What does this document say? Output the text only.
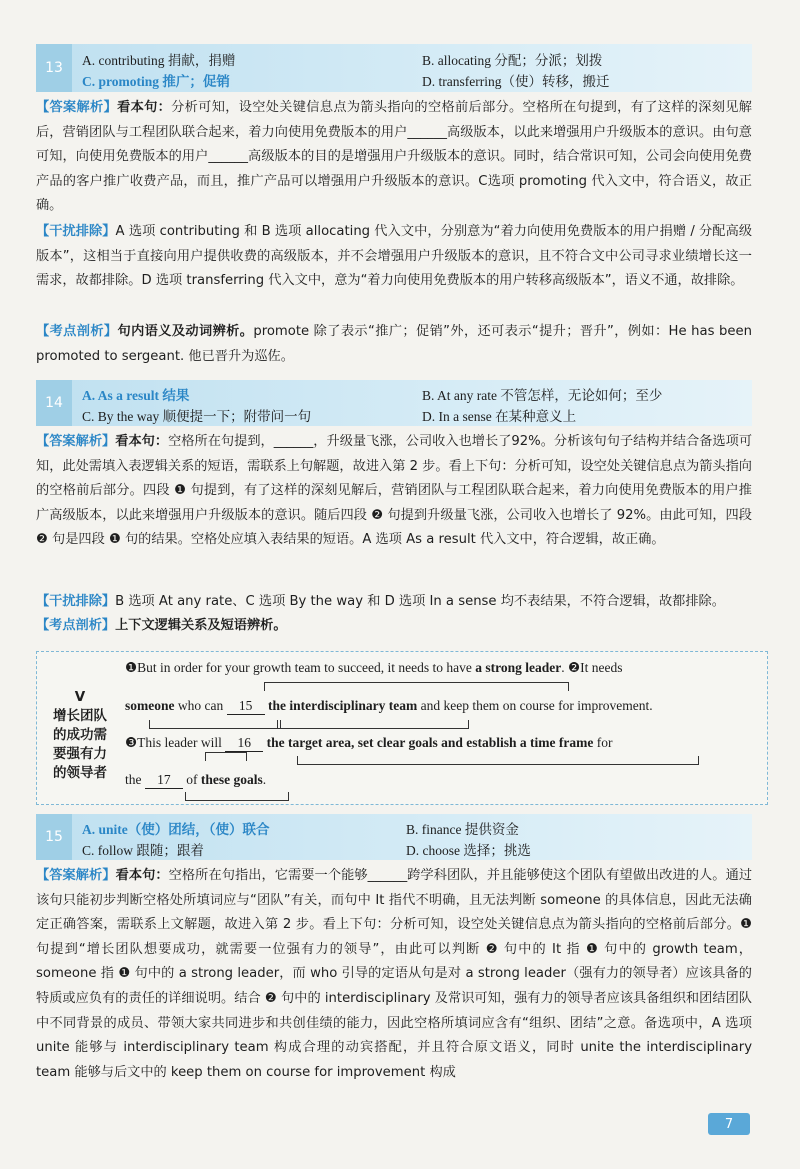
13	A. contributing 捐献，捐赠	B. allocating 分配；分派；划拨
C. promoting 推广；促销	D. transferring（使）转移，搬迁
【答案解析】看本句：分析可知，设空处关键信息点为箭头指向的空格前后部分。空格所在句提到，有了这样的深刻见解后，营销团队与工程团队联合起来，着力向使用免费版本的用户______高级版本，以此来增强用户升级版本的意识。由句意可知，向使用免费版本的用户______高级版本的目的是增强用户升级版本的意识。同时，结合常识可知，公司会向使用免费产品的客户推广收费产品，而且，推广产品可以增强用户升级版本的意识。C选项 promoting 代入文中，符合语义，故正确。
【干扰排除】A 选项 contributing 和 B 选项 allocating 代入文中，分别意为“着力向使用免费版本的用户捐赠 / 分配高级版本”，这相当于直接向用户提供收费的高级版本，并不会增强用户升级版本的意识，且不符合文中公司寻求业绩增长这一需求，故都排除。D 选项 transferring 代入文中，意为“着力向使用免费版本的用户转移高级版本”，语义不通，故排除。
【考点剖析】句内语义及动词辨析。promote 除了表示“推广；促销”外，还可表示“提升；晋升”，例如：He has been promoted to sergeant. 他已晋升为巡佐。
14	A. As a result 结果	B. At any rate 不管怎样，无论如何；至少
C. By the way 顺便提一下；附带问一句	D. In a sense 在某种意义上
【答案解析】看本句：空格所在句提到，______，升级量飞涨，公司收入也增长了92%。分析该句句子结构并结合备选项可知，此处需填入表逻辑关系的短语，需联系上句解题，故进入第 2 步。看上下句：分析可知，设空处关键信息点为箭头指向的空格前后部分。四段 ❶ 句提到，有了这样的深刻见解后，营销团队与工程团队联合起来，着力向使用免费版本的用户推广高级版本，以此来增强用户升级版本的意识。随后四段 ❷ 句提到升级量飞涨，公司收入也增长了 92%。由此可知，四段 ❷ 句是四段 ❶ 句的结果。空格处应填入表结果的短语。A 选项 As a result 代入文中，符合逻辑，故正确。
【干扰排除】B 选项 At any rate、C 选项 By the way 和 D 选项 In a sense 均不表结果，不符合逻辑，故都排除。
【考点剖析】上下文逻辑关系及短语辨析。
V
增长团队
的成功需
要强有力
的领导者
❶But in order for your growth team to succeed, it needs to have a strong leader. ❷It needs
someone who can 15 the interdisciplinary team and keep them on course for improvement.
❸This leader will 16 the target area, set clear goals and establish a time frame for
the 17 of these goals.
15	A. unite（使）团结，（使）联合	B. finance 提供资金
C. follow 跟随；跟着	D. choose 选择；挑选
【答案解析】看本句：空格所在句指出，它需要一个能够______跨学科团队，并且能够使这个团队有望做出改进的人。通过该句只能初步判断空格处所填词应与“团队”有关，而句中 It 指代不明确，且无法判断 someone 的具体信息，因此无法确定正确答案，需联系上文解题，故进入第 2 步。看上下句：分析可知，设空处关键信息点为箭头指向的空格前后部分。❶ 句提到“增长团队想要成功，就需要一位强有力的领导”，由此可以判断 ❷ 句中的 It 指 ❶ 句中的 growth team，someone 指 ❶ 句中的 a strong leader，而 who 引导的定语从句是对 a strong leader（强有力的领导者）应该具备的特质或应负有的责任的详细说明。结合 ❷ 句中的 interdisciplinary 及常识可知，强有力的领导者应该具备组织和团结团队中不同背景的成员、带领大家共同进步和共创佳绩的能力，因此空格所填词应含有“组织、团结”之意。备选项中，A 选项 unite 能够与 interdisciplinary team 构成合理的动宾搭配，并且符合原文语义，同时 unite the interdisciplinary team 能够与后文中的 keep them on course for improvement 构成
7
